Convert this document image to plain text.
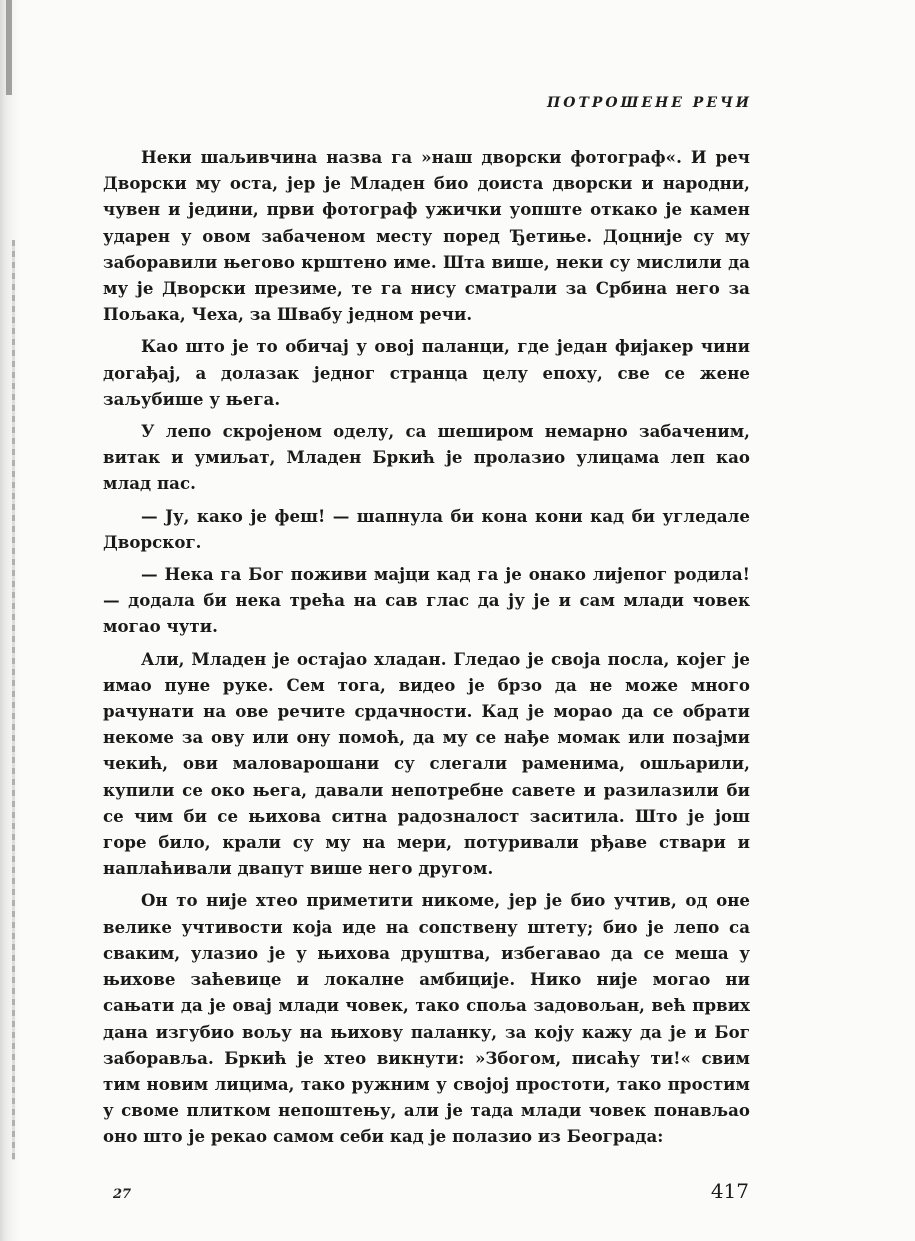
ПОТРОШЕНЕ РЕЧИ

Неки шаљивчина назва га »наш дворски фотограф«. И реч Дворски му оста, јер је Младен био доиста дворски и народни, чувен и једини, први фотограф ужички уопште откако је камен ударен у овом забаченом месту поред Ђетиње. Доцније су му заборавили његово крштено име. Шта више, неки су мислили да му је Дворски презиме, те га нису сматрали за Србина него за Пољака, Чеха, за Швабу једном речи.

Као што је то обичај у овој паланци, где један фијакер чини догађај, а долазак једног странца целу епоху, све се жене заљубише у њега.

У лепо скројеном оделу, са шеширом немарно забаченим, витак и умиљат, Младен Бркић је пролазио улицама леп као млад пас.

— Ју, како је феш! — шапнула би кона кони кад би угледале Дворског.

— Нека га Бог поживи мајци кад га је онако лијепог родила! — додала би нека трећа на сав глас да ју је и сам млади човек могао чути.

Али, Младен је остајао хладан. Гледао је своја посла, којег је имао пуне руке. Сем тога, видео је брзо да не може много рачунати на ове речите срдачности. Кад је морао да се обрати некоме за ову или ону помоћ, да му се нађе момак или позајми чекић, ови маловарошани су слегали раменима, ошљарили, купили се око њега, давали непотребне савете и разилазили би се чим би се њихова ситна радозналост заситила. Што је још горе било, крали су му на мери, потуривали рђаве ствари и наплаћивали двапут више него другом.

Он то није хтео приметити никоме, јер је био учтив, од оне велике учтивости која иде на сопствену штету; био је лепо са сваким, улазио је у њихова друштва, избегавао да се меша у њихове заћевице и локалне амбиције. Нико није могао ни сањати да је овај млади човек, тако споља задовољан, већ првих дана изгубио вољу на њихову паланку, за коју кажу да је и Бог заборавља. Бркић је хтео викнути: »Збогом, писаћу ти!« свим тим новим лицима, тако ружним у својој простоти, тако простим у своме плитком непоштењу, али је тада млади човек понављао оно што је рекао самом себи кад је полазио из Београда:

27	417
